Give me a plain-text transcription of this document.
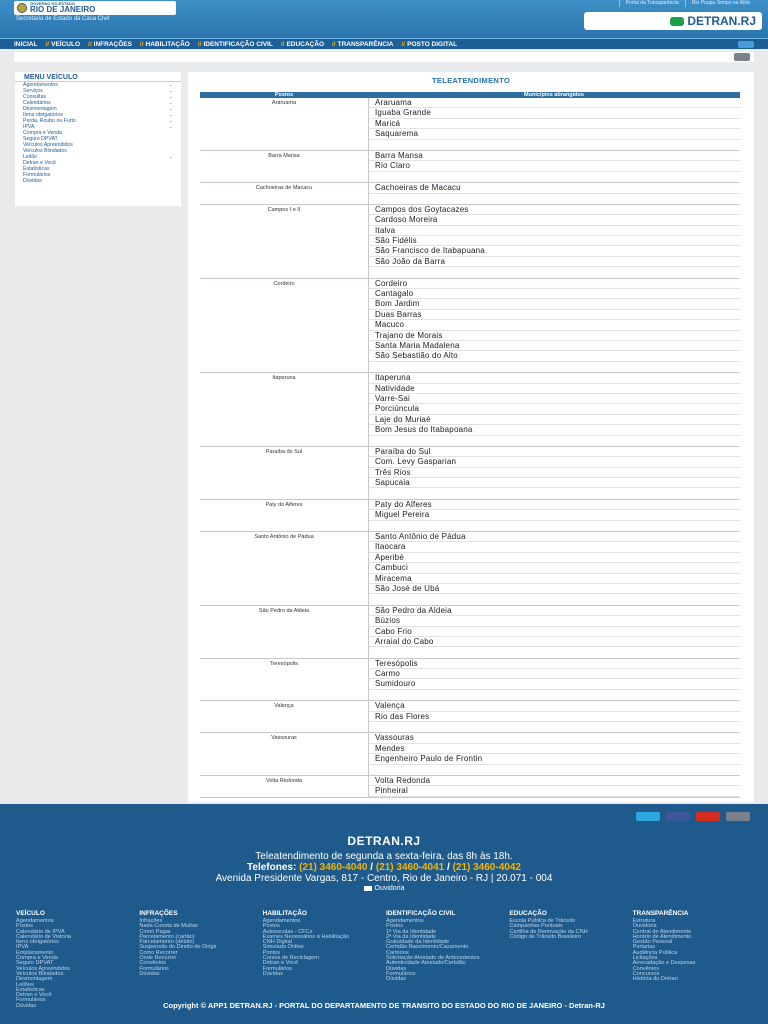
GOVERNO DO ESTADO
RIO DE JANEIRO
Secretaria de Estado da Casa Civil
Portal da Transparência	Rio Poupa Tempo na Web
DETRAN.RJ
INICIAL // VEÍCULO // INFRAÇÕES // HABILITAÇÃO // IDENTIFICAÇÃO CIVIL // EDUCAÇÃO // TRANSPARÊNCIA // POSTO DIGITAL
MENU VEÍCULO
Agendamentos	⌄
Serviços	⌄
Consultas	⌄
Calendários	⌄
Desmontagem	⌄
Itens obrigatórios	⌄
Perda, Roubo ou Furto	⌄
IPVA	⌄
Compra e Venda
Seguro DPVAT
Veículos Apreendidos
Veículos Blindados
Leilão	⌄
Detran e Você
Estatísticas
Formulários
Dúvidas
TELEATENDIMENTO
Postos	Municípios abrangidos
Araruama	Araruama
Iguaba Grande
Maricá
Saquarema
Barra Mansa	Barra Mansa
Rio Claro
Cachoeiras de Macacu	Cachoeiras de Macacu
Campos I e II	Campos dos Goytacazes
Cardoso Moreira
Italva
São Fidélis
São Francisco de Itabapuana
São João da Barra
Cordeiro	Cordeiro
Cantagalo
Bom Jardim
Duas Barras
Macuco
Trajano de Morais
Santa Maria Madalena
São Sebastião do Alto
Itaperuna	Itaperuna
Natividade
Varre-Sai
Porciúncula
Laje do Muriaé
Bom Jesus do Itabapoana
Paraíba do Sul	Paraíba do Sul
Com. Levy Gasparian
Três Rios
Sapucaia
Paty do Alferes	Paty do Alferes
Miguel Pereira
Santo Antônio de Pádua	Santo Antônio de Pádua
Itaocara
Aperibé
Cambuci
Miracema
São José de Ubá
São Pedro da Aldeia	São Pedro da Aldeia
Búzios
Cabo Frio
Arraial do Cabo
Teresópolis	Teresópolis
Carmo
Sumidouro
Valença	Valença
Rio das Flores
Vassouras	Vassouras
Mendes
Engenheiro Paulo de Frontin
Volta Redonda	Volta Redonda
Pinheiral
DETRAN.RJ
Teleatendimento de segunda a sexta-feira, das 8h às 18h.
Telefones: (21) 3460-4040 / (21) 3460-4041 / (21) 3460-4042
Avenida Presidente Vargas, 817 - Centro, Rio de Janeiro - RJ | 20.071 - 004
Ouvidoria
VEÍCULO
Agendamentos
Postos
Calendário de IPVA
Calendário de Vistoria
Itens obrigatórios
IPVA
Emplacamento
Compra e Venda
Seguro DPVAT
Veículos Apreendidos
Veículos Blindados
Desmontagem
Leilões
Estatísticas
Detran e Você
Formulários
Dúvidas
INFRAÇÕES
Infrações
Nada Consta de Multas
Como Pagar
Parcelamento (cartão)
Parcelamento (débito)
Suspensão do Direito de Dirigir
Como Recorrer
Onde Recorrer
Convênios
Formulários
Dúvidas
HABILITAÇÃO
Agendamentos
Postos
Autoescolas - CFCs
Exames Necessários à Habilitação
CNH Digital
Simulado Online
Pontos
Cursos de Reciclagem
Detran e Você
Formulários
Dúvidas
IDENTIFICAÇÃO CIVIL
Agendamentos
Postos
1ª Via da Identidade
2ª Via da Identidade
Gratuidade da Identidade
Certidão Nascimento/Casamento
Cartórios
Solicitação Atestado de Antecedentes
Autenticidade Atestado/Certidão
Dúvidas
Formulários
Dúvidas
EDUCAÇÃO
Escola Pública de Trânsito
Campanhas Pontuais
Cartilha de Renovação da CNH
Código de Trânsito Brasileiro
TRANSPARÊNCIA
Estrutura
Ouvidoria
Central de Atendimento
Horário de Atendimento
Gestão Pessoal
Portarias
Audiência Pública
Licitações
Arrecadação e Despesas
Convênios
Concursos
História do Detran
Copyright © APP1 DETRAN.RJ - PORTAL DO DEPARTAMENTO DE TRANSITO DO ESTADO DO RIO DE JANEIRO - Detran-RJ
